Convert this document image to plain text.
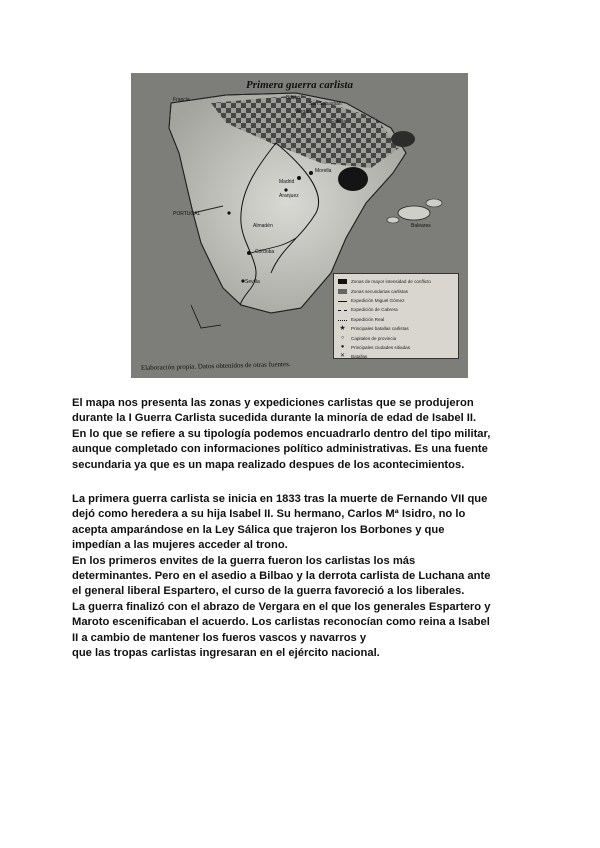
Primera guerra carlista
Francia	Bilbao
San Sebastián
Vergara
Estella
Madrid
Morella
Aranjuez
PORTUGAL
Córdoba
Baleares
Sevilla
Almadén
Zonas de mayor intensidad de conflicto
Zonas secundarias carlistas
Expedición Miguel Gómez
Expedición de Cabrera
Expedición Real
★ Principales batallas carlistas
○	Capitales de provincia
●	Principales ciudades sitiadas
✕	Batallas
Elaboración propia. Datos obtenidos de otras fuentes.
El mapa nos presenta las zonas y expediciones carlistas que se produjeron
durante la I Guerra Carlista sucedida durante la minoría de edad de Isabel II.
En lo que se refiere a su tipología podemos encuadrarlo dentro del tipo militar,
aunque completado con informaciones político administrativas. Es una fuente
secundaria ya que es un mapa realizado despues de los acontecimientos.
La primera guerra carlista se inicia en 1833 tras la muerte de Fernando VII que
dejó como heredera a su hija Isabel II. Su hermano, Carlos Mª Isidro, no lo
acepta amparándose en la Ley Sálica que trajeron los Borbones y que
impedían a las mujeres acceder al trono.
En los primeros envites de la guerra fueron los carlistas los más
determinantes. Pero en el asedio a Bilbao y la derrota carlista de Luchana ante
el general liberal Espartero, el curso de la guerra favoreció a los liberales.
La guerra finalizó con el abrazo de Vergara en el que los generales Espartero y
Maroto escenificaban el acuerdo. Los carlistas reconocían como reina a Isabel
II a cambio de mantener los fueros vascos y navarros y
que las tropas carlistas ingresaran en el ejército nacional.
